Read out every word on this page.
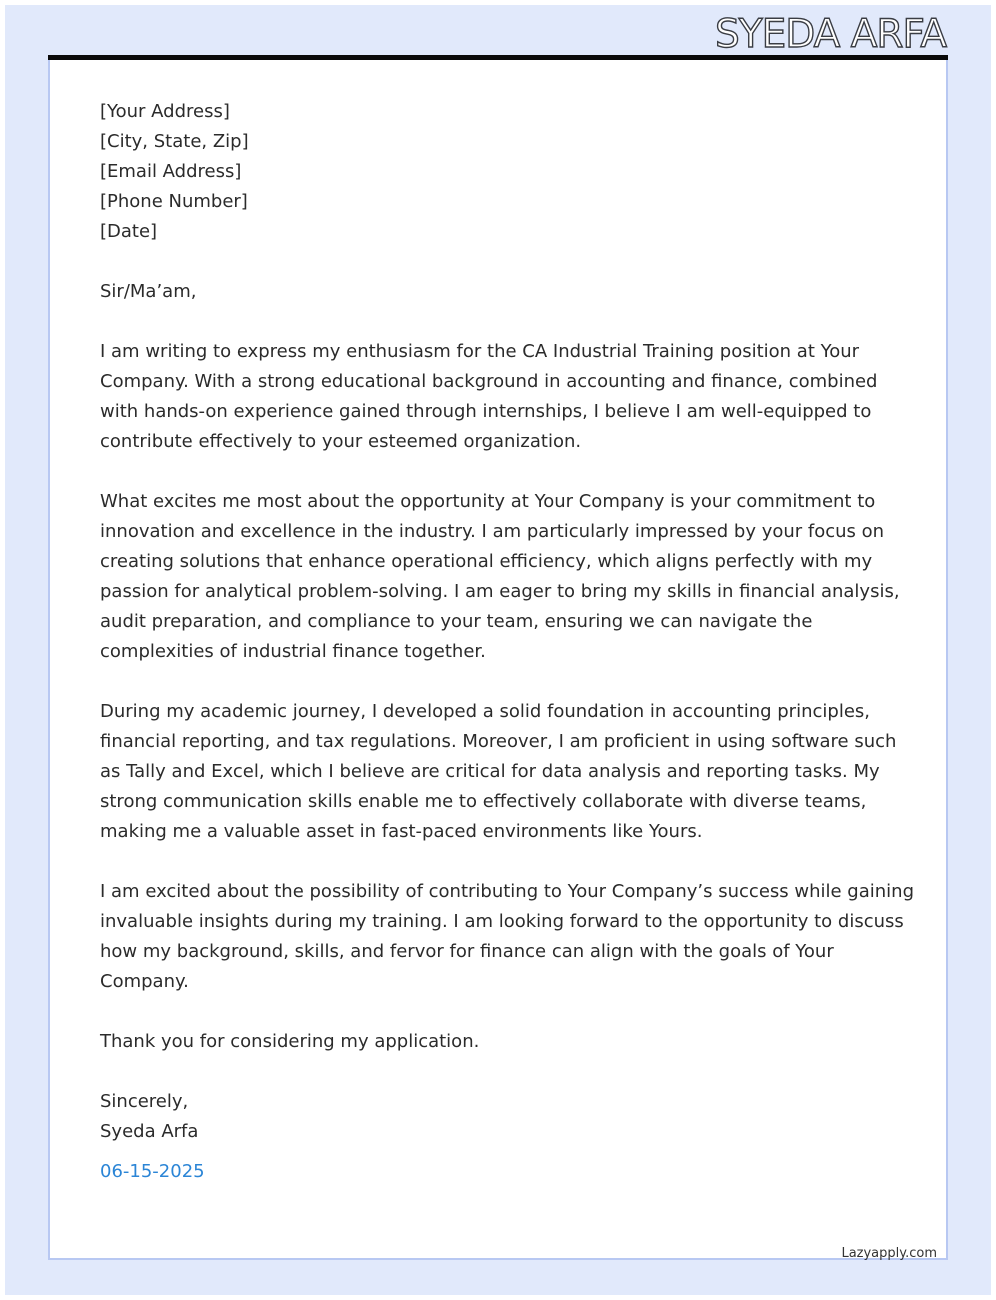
SYEDA ARFA
[Your Address]
[City, State, Zip]
[Email Address]
[Phone Number]
[Date]
Sir/Ma’am,
I am writing to express my enthusiasm for the CA Industrial Training position at Your
Company. With a strong educational background in accounting and finance, combined
with hands-on experience gained through internships, I believe I am well-equipped to
contribute effectively to your esteemed organization.
What excites me most about the opportunity at Your Company is your commitment to
innovation and excellence in the industry. I am particularly impressed by your focus on
creating solutions that enhance operational efficiency, which aligns perfectly with my
passion for analytical problem-solving. I am eager to bring my skills in financial analysis,
audit preparation, and compliance to your team, ensuring we can navigate the
complexities of industrial finance together.
During my academic journey, I developed a solid foundation in accounting principles,
financial reporting, and tax regulations. Moreover, I am proficient in using software such
as Tally and Excel, which I believe are critical for data analysis and reporting tasks. My
strong communication skills enable me to effectively collaborate with diverse teams,
making me a valuable asset in fast-paced environments like Yours.
I am excited about the possibility of contributing to Your Company’s success while gaining
invaluable insights during my training. I am looking forward to the opportunity to discuss
how my background, skills, and fervor for finance can align with the goals of Your
Company.
Thank you for considering my application.
Sincerely,
Syeda Arfa
06-15-2025
Lazyapply.com
